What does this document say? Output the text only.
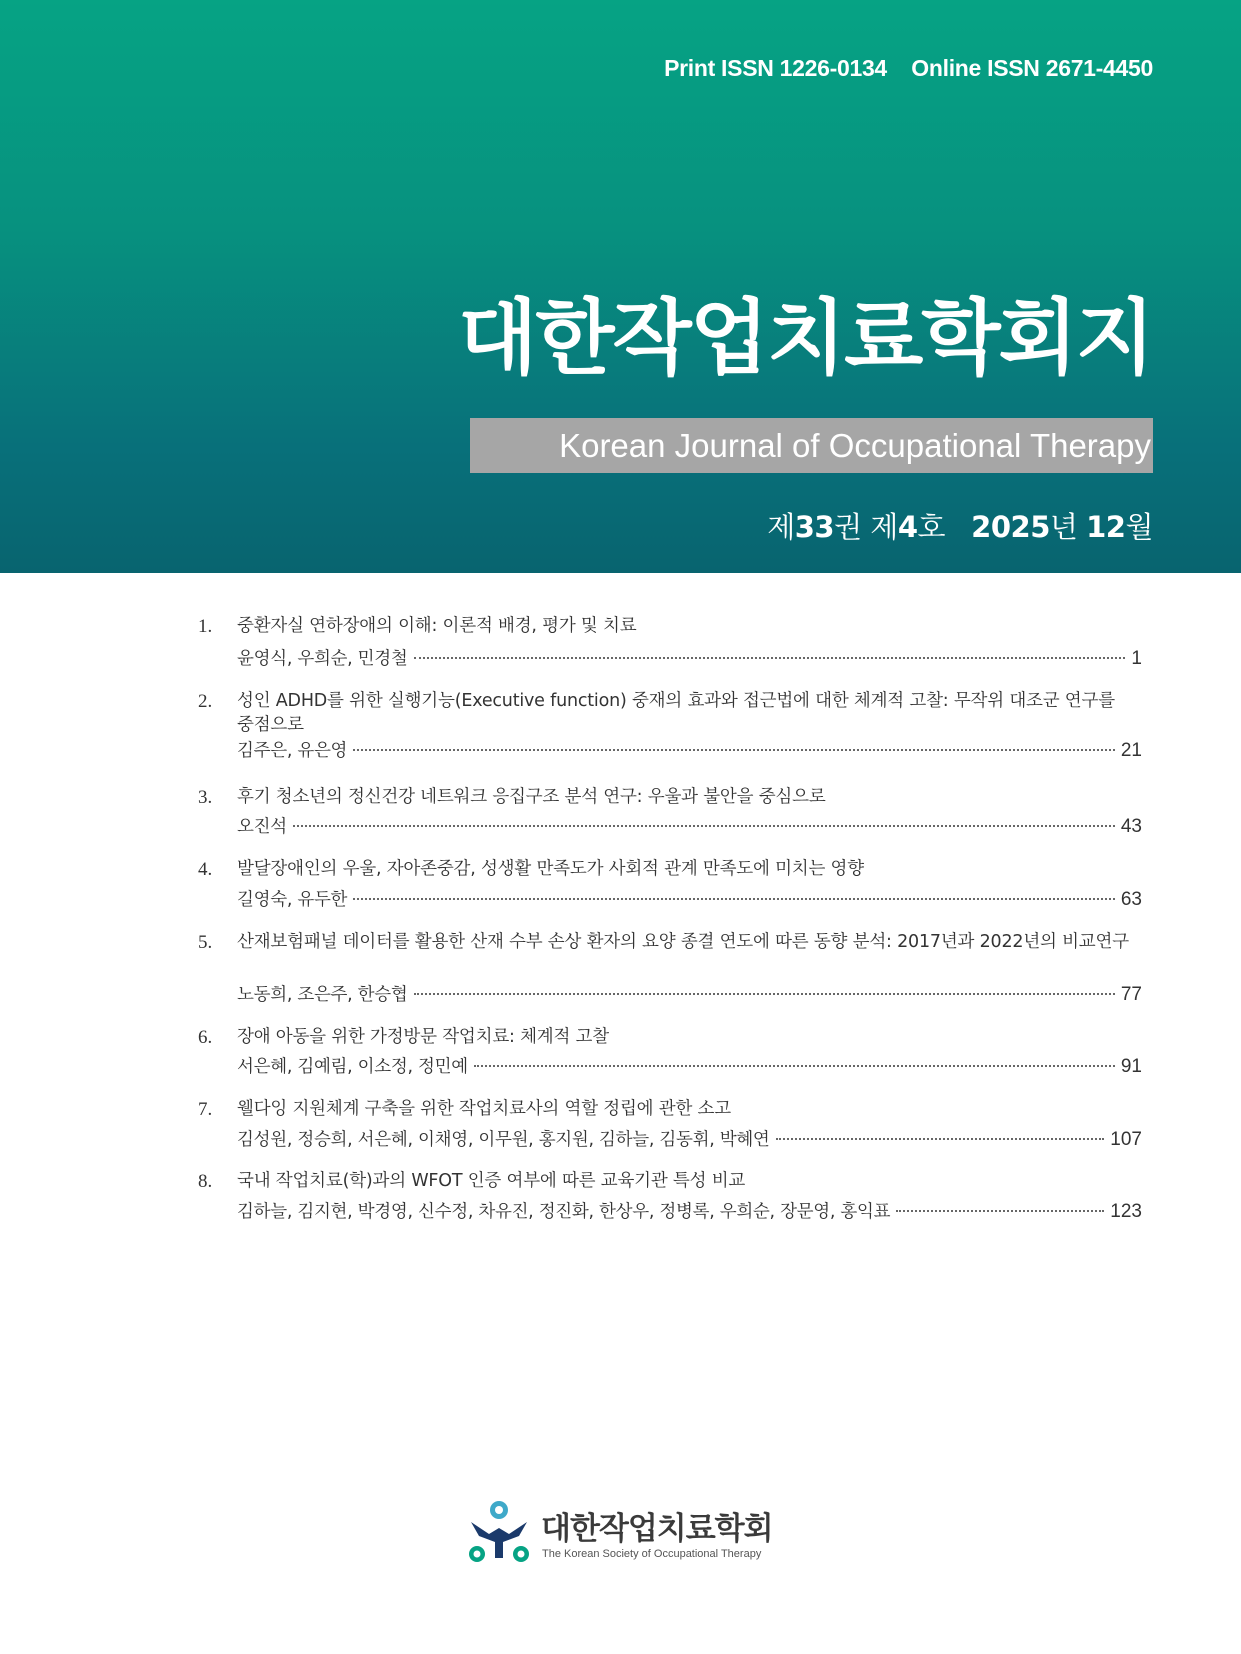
Print ISSN 1226-0134    Online ISSN 2671-4450
대한작업치료학회지
Korean Journal of Occupational Therapy
제33권 제4호   2025년 12월
1.	중환자실 연하장애의 이해: 이론적 배경, 평가 및 치료
윤영식, 우희순, 민경철	1
2.	성인 ADHD를 위한 실행기능(Executive function) 중재의 효과와 접근법에 대한 체계적 고찰: 무작위 대조군 연구를 중점으로
김주은, 유은영	21
3.	후기 청소년의 정신건강 네트워크 응집구조 분석 연구: 우울과 불안을 중심으로
오진석	43
4.	발달장애인의 우울, 자아존중감, 성생활 만족도가 사회적 관계 만족도에 미치는 영향
길영숙, 유두한	63
5.	산재보험패널 데이터를 활용한 산재 수부 손상 환자의 요양 종결 연도에 따른 동향 분석: 2017년과 2022년의 비교연구
노동희, 조은주, 한승협	77
6.	장애 아동을 위한 가정방문 작업치료: 체계적 고찰
서은혜, 김예림, 이소정, 정민예	91
7.	웰다잉 지원체계 구축을 위한 작업치료사의 역할 정립에 관한 소고
김성원, 정승희, 서은혜, 이채영, 이무원, 홍지원, 김하늘, 김동휘, 박혜연	107
8.	국내 작업치료(학)과의 WFOT 인증 여부에 따른 교육기관 특성 비교
김하늘, 김지현, 박경영, 신수정, 차유진, 정진화, 한상우, 정병록, 우희순, 장문영, 홍익표	123
대한작업치료학회
The Korean Society of Occupational Therapy
